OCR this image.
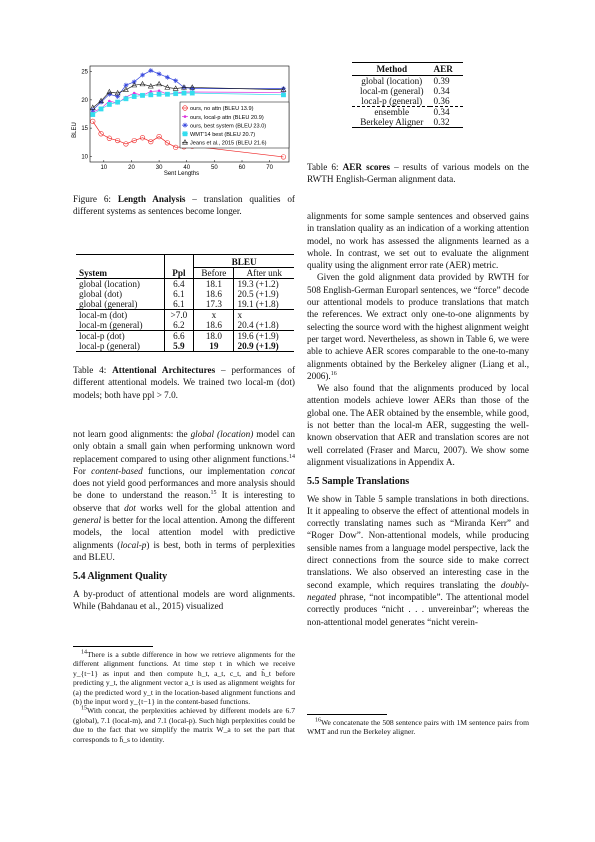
10	20	30	40	50	60	70
10
15
20
25
Sent Lengths
BLEU
ours, no attn (BLEU 13.9)
ours, local-p attn (BLEU 20.9)
ours, best system (BLEU 23.0)
WMT'14 best (BLEU 20.7)
Jeans et al., 2015 (BLEU 21.6)
Figure 6: Length Analysis – translation qualities of different systems as sentences become longer.
System	Ppl	BLEU	
		Before	After unk
global (location)	6.4	18.1	19.3 (+1.2)
global (dot)	6.1	18.6	20.5 (+1.9)
global (general)	6.1	17.3	19.1 (+1.8)
local-m (dot)	>7.0	x	x
local-m (general)	6.2	18.6	20.4 (+1.8)
local-p (dot)	6.6	18.0	19.6 (+1.9)
local-p (general)	5.9	19	20.9 (+1.9)
Table 4: Attentional Architectures – performances of different attentional models. We trained two local-m (dot) models; both have ppl > 7.0.

not learn good alignments: the global (location) model can only obtain a small gain when performing unknown word replacement compared to using other alignment functions.$^{14}$ For content-based functions, our implementation concat does not yield good performances and more analysis should be done to understand the reason.$^{15}$ It is interesting to observe that dot works well for the global attention and general is better for the local attention. Among the different models, the local attention model with predictive alignments (local-p) is best, both in terms of perplexities and BLEU.

5.4 Alignment Quality

A by-product of attentional models are word alignments. While (Bahdanau et al., 2015) visualized

$^{14}$There is a subtle difference in how we retrieve alignments for the different alignment functions. At time step t in which we receive y_{t−1} as input and then compute h_t, a_t, c_t, and h̃_t before predicting y_t, the alignment vector a_t is used as alignment weights for (a) the predicted word y_t in the location-based alignment functions and (b) the input word y_{t−1} in the content-based functions.

$^{15}$With concat, the perplexities achieved by different models are 6.7 (global), 7.1 (local-m), and 7.1 (local-p). Such high perplexities could be due to the fact that we simplify the matrix W_a to set the part that corresponds to h̄_s to identity.

Method	AER
global (location)	0.39
local-m (general)	0.34
local-p (general)	0.36
ensemble	0.34
Berkeley Aligner	0.32
Table 6: AER scores – results of various models on the RWTH English-German alignment data.

alignments for some sample sentences and observed gains in translation quality as an indication of a working attention model, no work has assessed the alignments learned as a whole. In contrast, we set out to evaluate the alignment quality using the alignment error rate (AER) metric.

Given the gold alignment data provided by RWTH for 508 English-German Europarl sentences, we “force” decode our attentional models to produce translations that match the references. We extract only one-to-one alignments by selecting the source word with the highest alignment weight per target word. Nevertheless, as shown in Table 6, we were able to achieve AER scores comparable to the one-to-many alignments obtained by the Berkeley aligner (Liang et al., 2006).$^{16}$

We also found that the alignments produced by local attention models achieve lower AERs than those of the global one. The AER obtained by the ensemble, while good, is not better than the local-m AER, suggesting the well-known observation that AER and translation scores are not well correlated (Fraser and Marcu, 2007). We show some alignment visualizations in Appendix A.

5.5 Sample Translations

We show in Table 5 sample translations in both directions. It it appealing to observe the effect of attentional models in correctly translating names such as “Miranda Kerr” and “Roger Dow”. Non-attentional models, while producing sensible names from a language model perspective, lack the direct connections from the source side to make correct translations. We also observed an interesting case in the second example, which requires translating the doubly-negated phrase, “not incompatible”. The attentional model correctly produces “nicht . . . unvereinbar”; whereas the non-attentional model generates “nicht verein-

$^{16}$We concatenate the 508 sentence pairs with 1M sentence pairs from WMT and run the Berkeley aligner.
